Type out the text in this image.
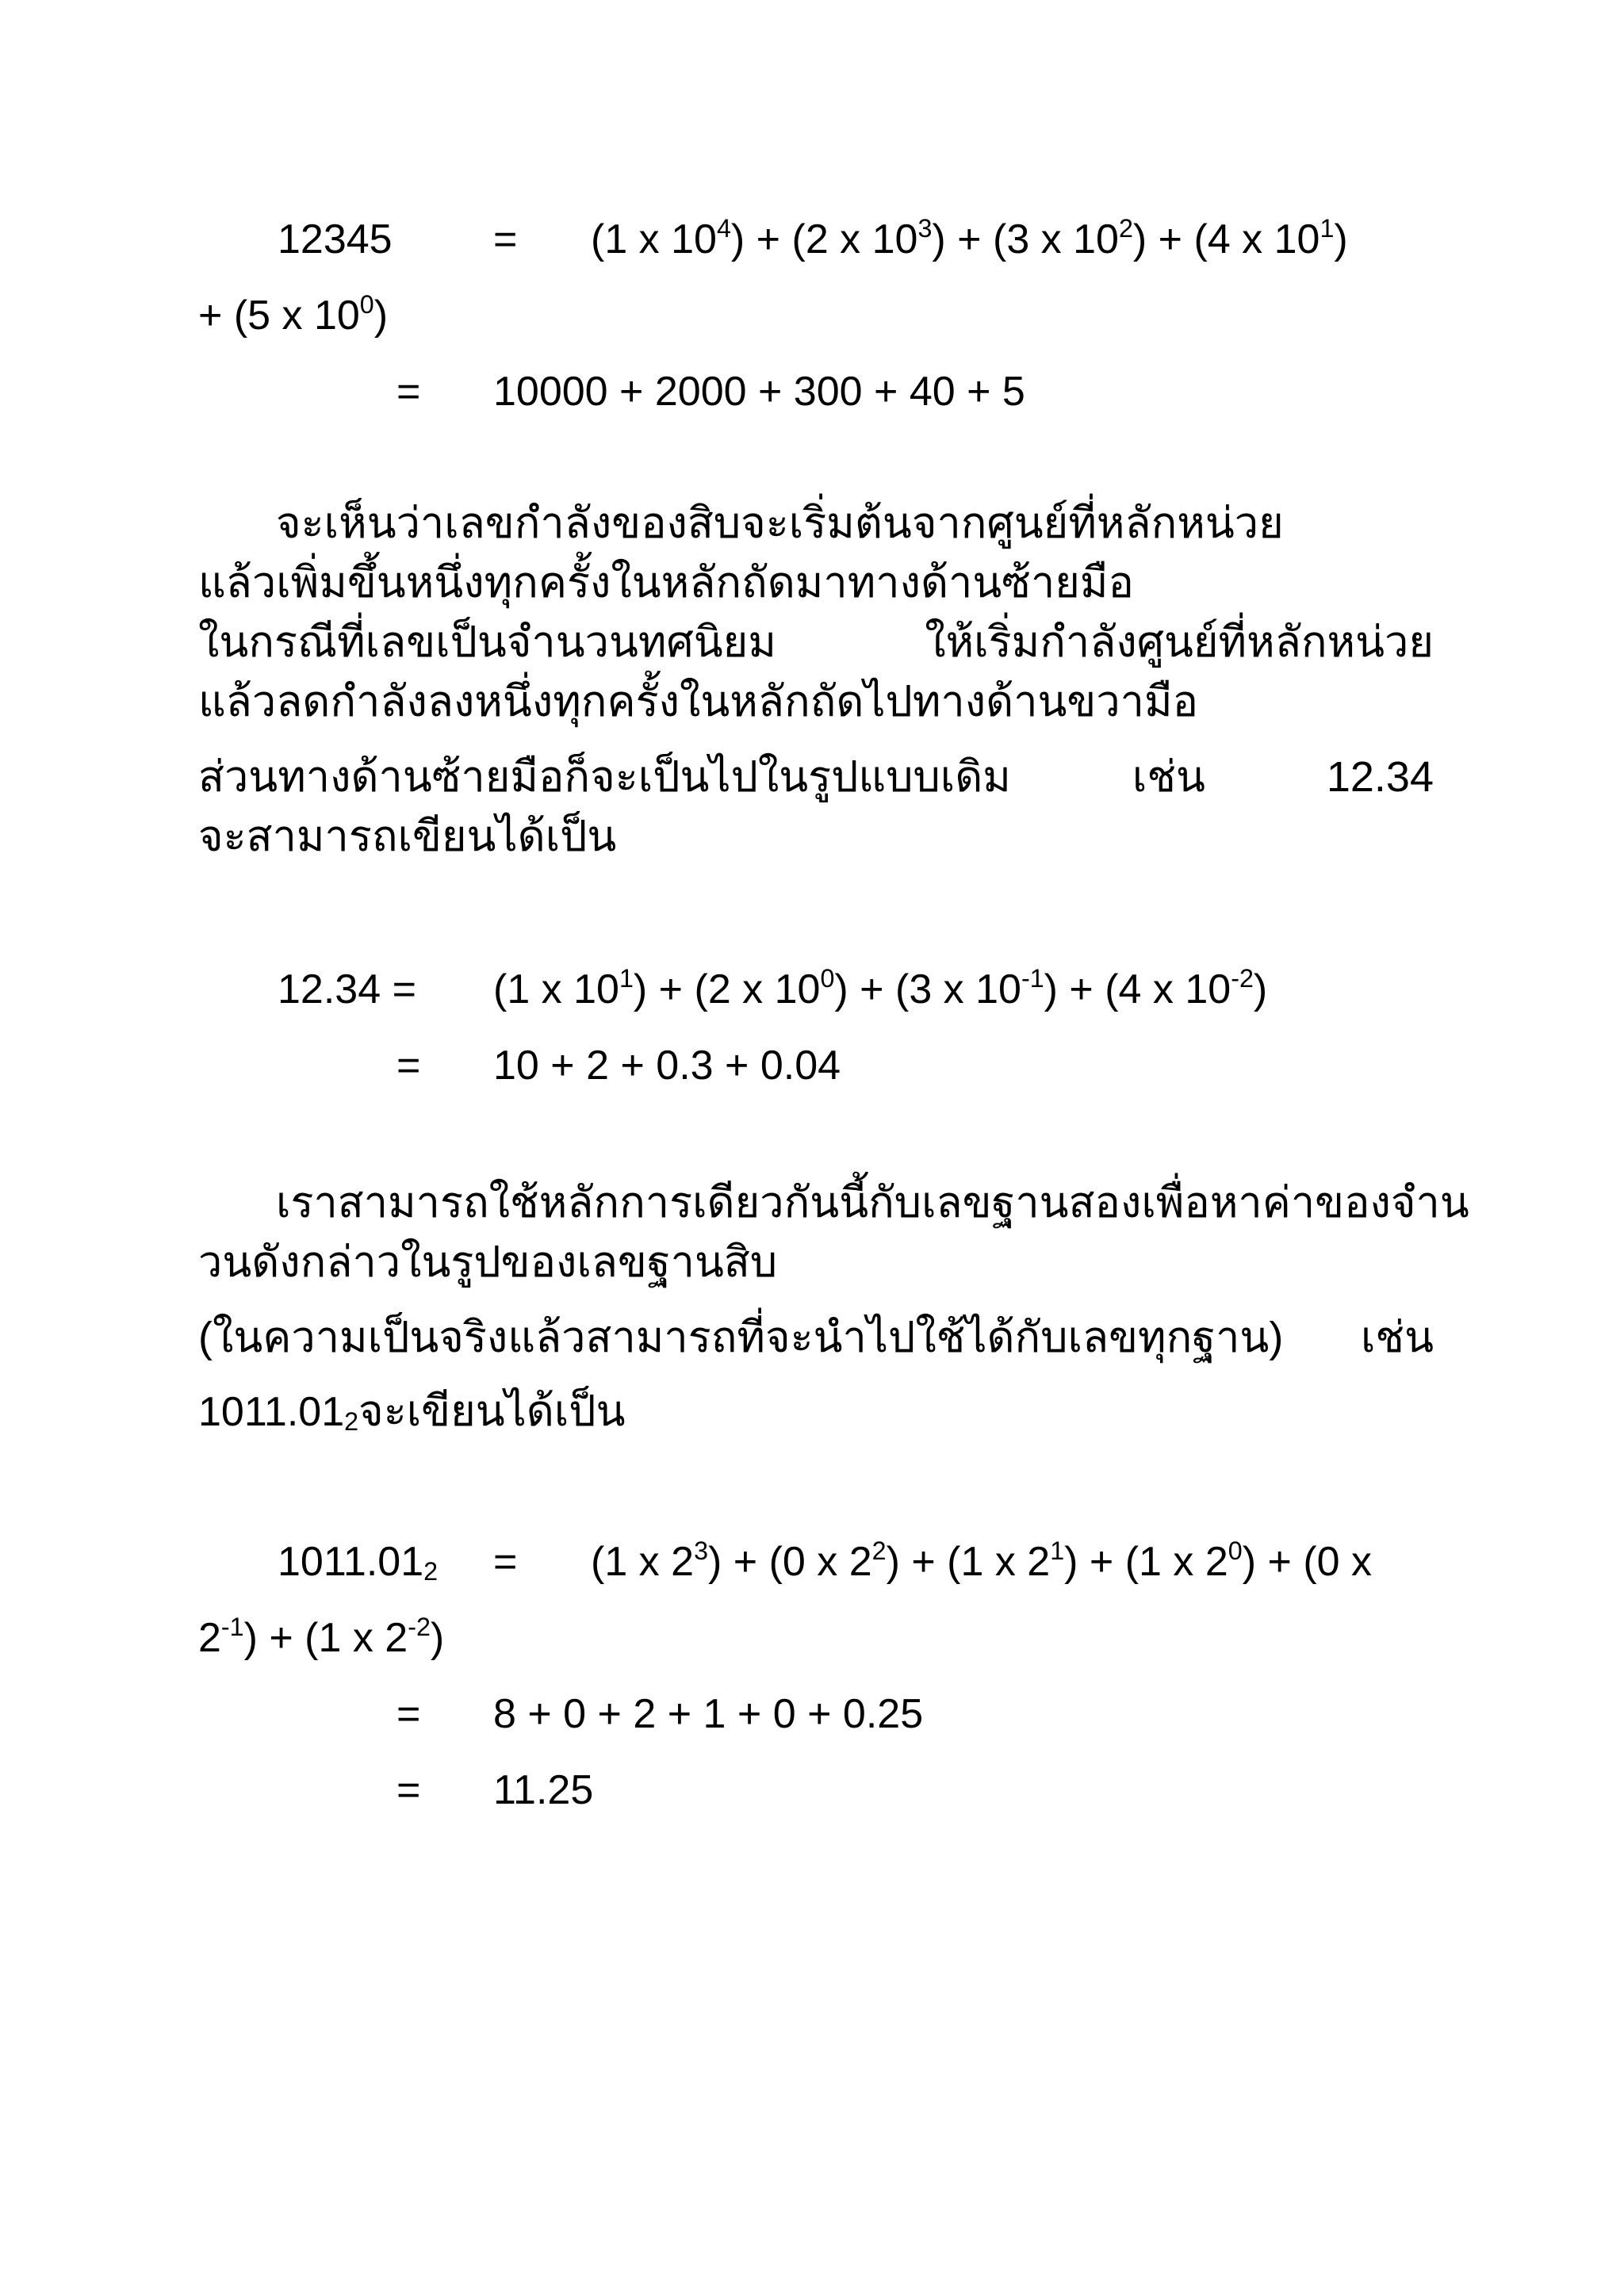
12345 = (1 x $10^4) + (2$ x $10^3) + (3$ x $10^2) + (4$ x $10^1$)
+ (5 x $10^0$)
= 10000 + 2000 + 300 + 40 + 5
จะเห็นว่าเลขกำลังของสิบจะเริ่มต้นจากศูนย์ที่หลักหน่วย
แล้วเพิ่มขึ้นหนึ่งทุกครั้งในหลักถัดมาทางด้านซ้ายมือ
ในกรณีที่เลขเป็นจำนวนทศนิยม	ให้เริ่มกำลังศูนย์ที่หลักหน่วย
แล้วลดกำลังลงหนึ่งทุกครั้งในหลักถัดไปทางด้านขวามือ
ส่วนทางด้านซ้ายมือก็จะเป็นไปในรูปแบบเดิม	เช่น	12.34
จะสามารถเขียนได้เป็น
12.34 = (1 x $10^1) + (2$ x $10^0) + (3$ x $10^{-1}) + (4$ x $10^{-2}$)
= 10 + 2 + 0.3 + 0.04
เราสามารถใช้หลักการเดียวกันนี้กับเลขฐานสองเพื่อหาค่าของจำน
วนดังกล่าวในรูปของเลขฐานสิบ
(ในความเป็นจริงแล้วสามารถที่จะนำไปใช้ได้กับเลขทุกฐาน) เช่น
$1011.01_2$จะเขียนได้เป็น
$1011.01_2 = (1$ x $2^3) + (0$ x $2^2) + (1$ x $2^1) + (1$ x $2^0) + (0$ x
$2^{-1}) + (1$ x $2^{-2}$)
= 8 + 0 + 2 + 1 + 0 + 0.25
= 11.25
